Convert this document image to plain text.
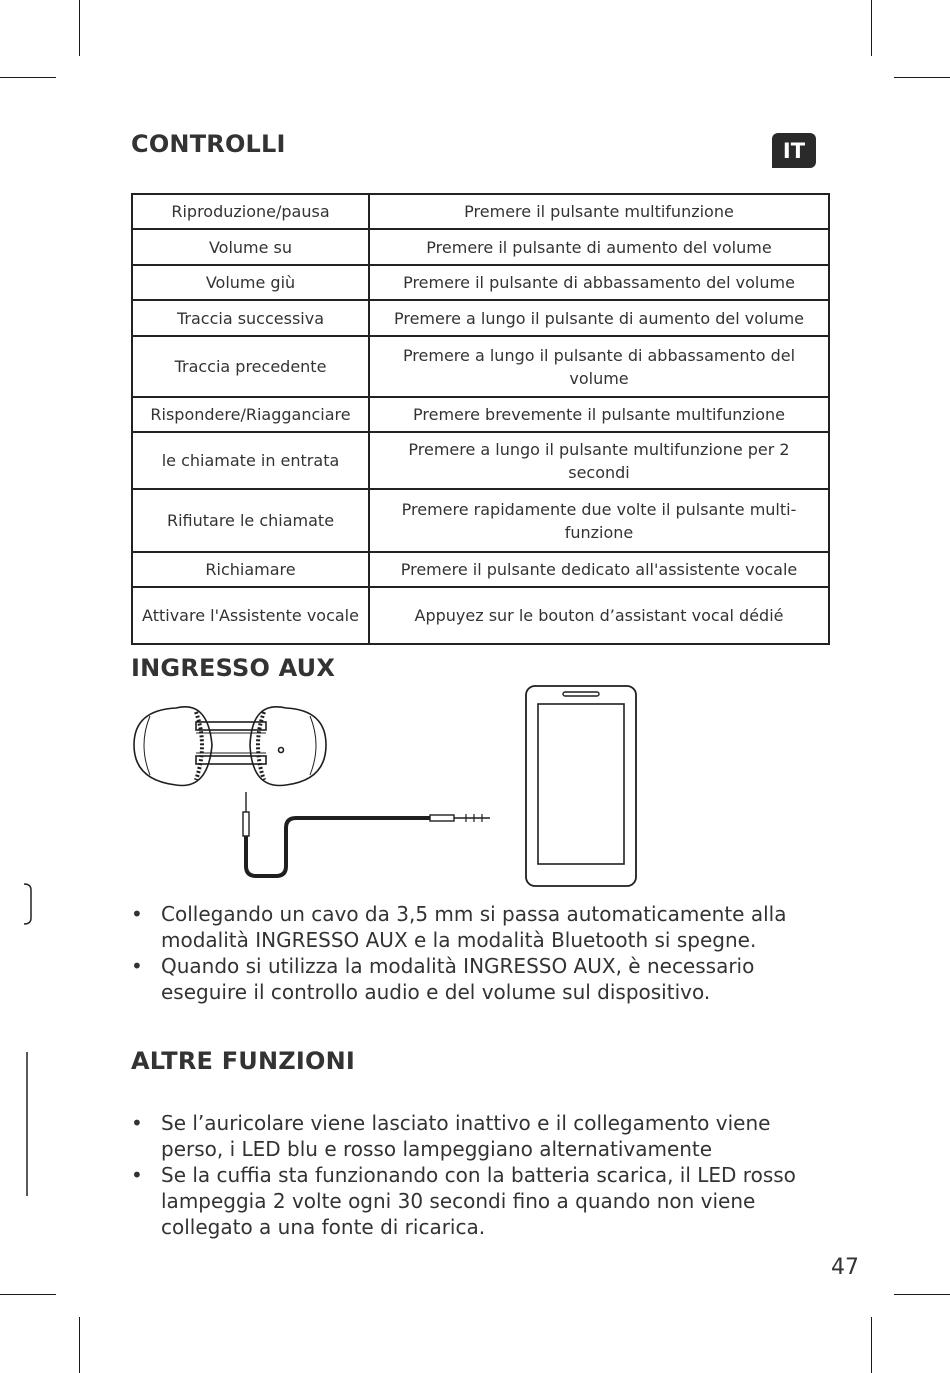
CONTROLLI	IT
Riproduzione/pausa	Premere il pulsante multifunzione
Volume su	Premere il pulsante di aumento del volume
Volume giù	Premere il pulsante di abbassamento del volume
Traccia successiva	Premere a lungo il pulsante di aumento del volume
Traccia precedente	Premere a lungo il pulsante di abbassamento del volume
Rispondere/Riagganciare	Premere brevemente il pulsante multifunzione
le chiamate in entrata	Premere a lungo il pulsante multifunzione per 2 secondi
Rifiutare le chiamate	Premere rapidamente due volte il pulsante multi-funzione
Richiamare	Premere il pulsante dedicato all'assistente vocale
Attivare l'Assistente vocale	Appuyez sur le bouton d’assistant vocal dédié
INGRESSO AUX
• Collegando un cavo da 3,5 mm si passa automaticamente alla modalità INGRESSO AUX e la modalità Bluetooth si spegne.
• Quando si utilizza la modalità INGRESSO AUX, è necessario eseguire il controllo audio e del volume sul dispositivo.
ALTRE FUNZIONI
• Se l’auricolare viene lasciato inattivo e il collegamento viene perso, i LED blu e rosso lampeggiano alternativamente
• Se la cuffia sta funzionando con la batteria scarica, il LED rosso lampeggia 2 volte ogni 30 secondi fino a quando non viene collegato a una fonte di ricarica.
47
